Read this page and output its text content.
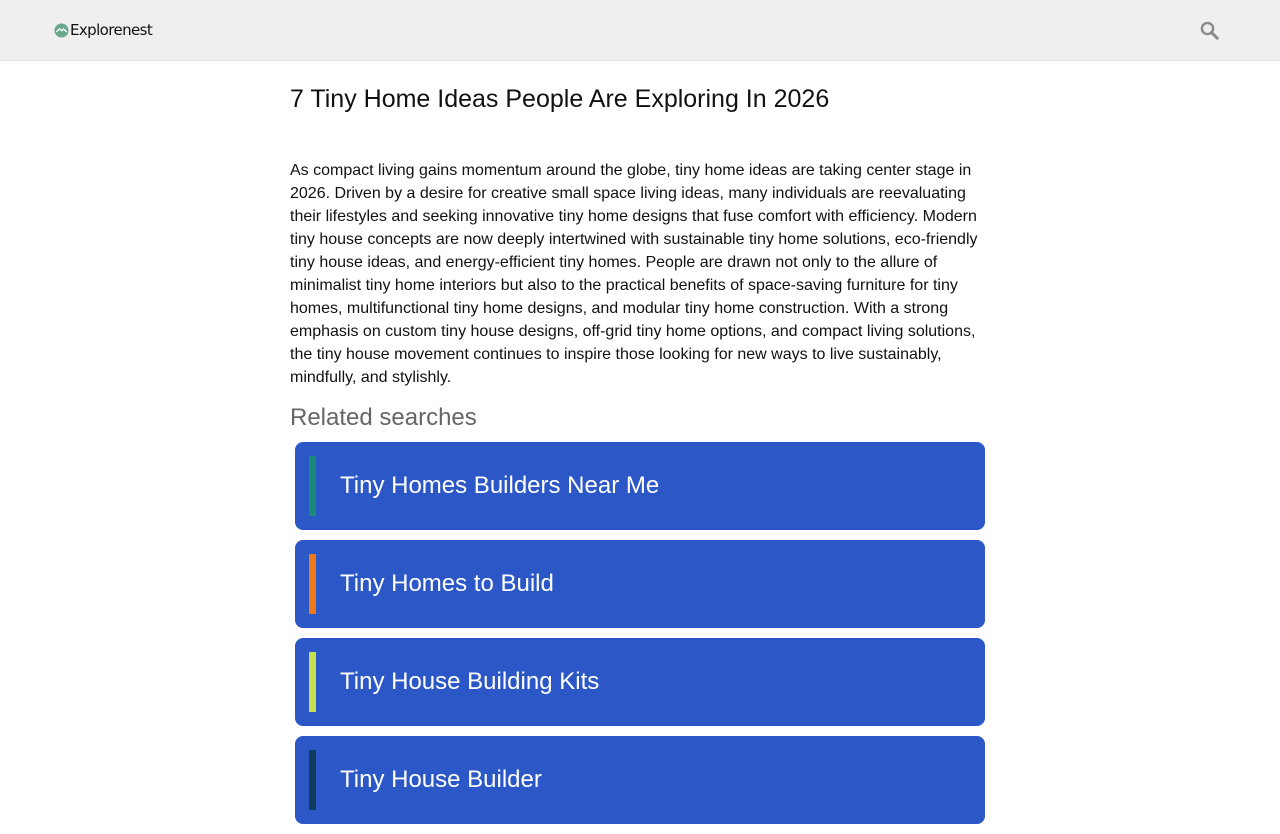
Explorenest
7 Tiny Home Ideas People Are Exploring In 2026

As compact living gains momentum around the globe, tiny home ideas are taking center stage in 2026. Driven by a desire for creative small space living ideas, many individuals are reevaluating their lifestyles and seeking innovative tiny home designs that fuse comfort with efficiency. Modern tiny house concepts are now deeply intertwined with sustainable tiny home solutions, eco-friendly tiny house ideas, and energy-efficient tiny homes. People are drawn not only to the allure of minimalist tiny home interiors but also to the practical benefits of space-saving furniture for tiny homes, multifunctional tiny home designs, and modular tiny home construction. With a strong emphasis on custom tiny house designs, off-grid tiny home options, and compact living solutions, the tiny house movement continues to inspire those looking for new ways to live sustainably, mindfully, and stylishly.

Related searches
Tiny Homes Builders Near Me
Tiny Homes to Build
Tiny House Building Kits
Tiny House Builder
